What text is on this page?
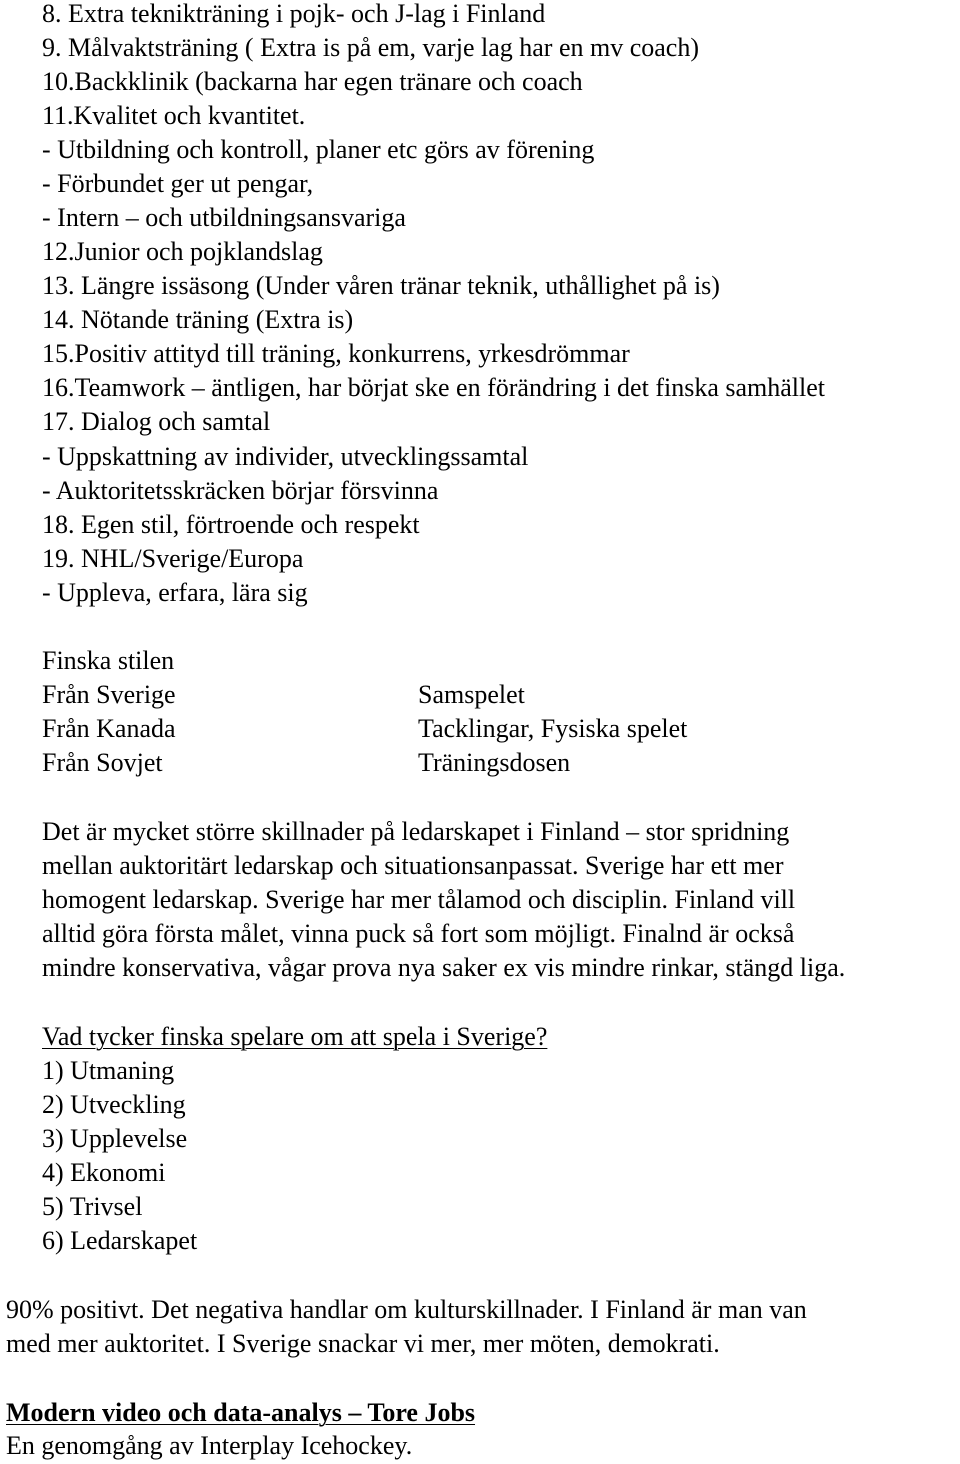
8. Extra teknikträning i pojk- och J-lag i Finland
9. Målvaktsträning ( Extra is på em, varje lag har en mv coach)
10.Backklinik (backarna har egen tränare och coach
11.Kvalitet och kvantitet.
- Utbildning och kontroll, planer etc görs av förening
- Förbundet ger ut pengar,
- Intern – och utbildningsansvariga
12.Junior och pojklandslag
13. Längre issäsong (Under våren tränar teknik, uthållighet på is)
14. Nötande träning (Extra is)
15.Positiv attityd till träning, konkurrens, yrkesdrömmar
16.Teamwork – äntligen, har börjat ske en förändring i det finska samhället
17. Dialog och samtal
- Uppskattning av individer, utvecklingssamtal
- Auktoritetsskräcken börjar försvinna
18. Egen stil, förtroende och respekt
19. NHL/Sverige/Europa
- Uppleva, erfara, lära sig
Finska stilen
Från Sverige
Från Kanada
Från Sovjet
Samspelet
Tacklingar, Fysiska spelet
Träningsdosen
Det är mycket större skillnader på ledarskapet i Finland – stor spridning
mellan auktoritärt ledarskap och situationsanpassat. Sverige har ett mer
homogent ledarskap. Sverige har mer tålamod och disciplin. Finland vill
alltid göra första målet, vinna puck så fort som möjligt. Finalnd är också
mindre konservativa, vågar prova nya saker ex vis mindre rinkar, stängd liga.
Vad tycker finska spelare om att spela i Sverige?
1) Utmaning
2) Utveckling
3) Upplevelse
4) Ekonomi
5) Trivsel
6) Ledarskapet
90% positivt. Det negativa handlar om kulturskillnader. I Finland är man van
med mer auktoritet. I Sverige snackar vi mer, mer möten, demokrati.
Modern video och data-analys – Tore Jobs
En genomgång av Interplay Icehockey.
